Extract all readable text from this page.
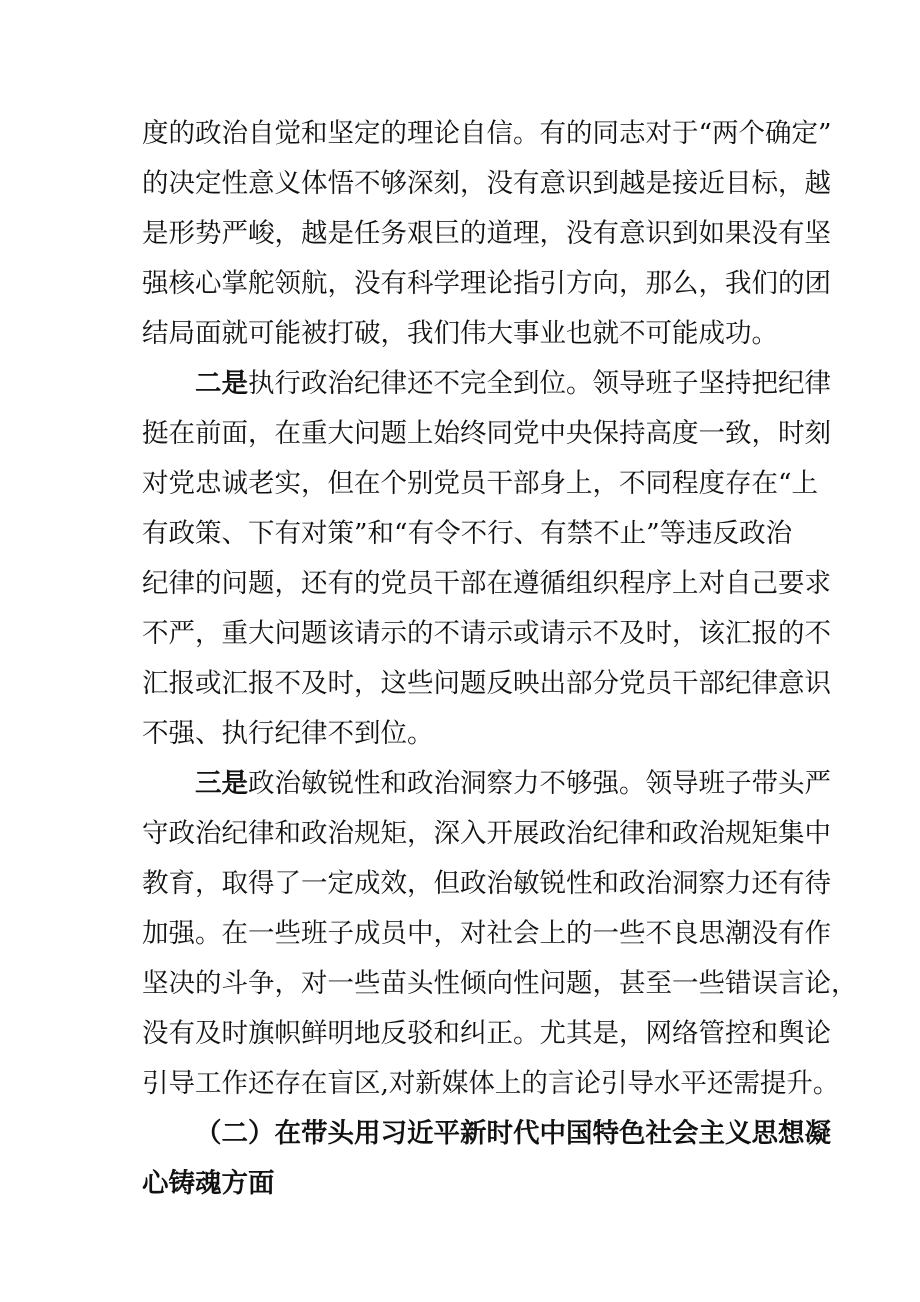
度的政治自觉和坚定的理论自信。有的同志对于“两个确定”
的决定性意义体悟不够深刻，没有意识到越是接近目标，越
是形势严峻，越是任务艰巨的道理，没有意识到如果没有坚
强核心掌舵领航，没有科学理论指引方向，那么，我们的团
结局面就可能被打破，我们伟大事业也就不可能成功。
二是执行政治纪律还不完全到位。领导班子坚持把纪律
挺在前面，在重大问题上始终同党中央保持高度一致，时刻
对党忠诚老实，但在个别党员干部身上，不同程度存在“上
有政策、下有对策”和“有令不行、有禁不止”等违反政治
纪律的问题，还有的党员干部在遵循组织程序上对自己要求
不严，重大问题该请示的不请示或请示不及时，该汇报的不
汇报或汇报不及时，这些问题反映出部分党员干部纪律意识
不强、执行纪律不到位。
三是政治敏锐性和政治洞察力不够强。领导班子带头严
守政治纪律和政治规矩，深入开展政治纪律和政治规矩集中
教育，取得了一定成效，但政治敏锐性和政治洞察力还有待
加强。在一些班子成员中，对社会上的一些不良思潮没有作
坚决的斗争，对一些苗头性倾向性问题，甚至一些错误言论，
没有及时旗帜鲜明地反驳和纠正。尤其是，网络管控和舆论
引导工作还存在盲区,对新媒体上的言论引导水平还需提升。
（二）在带头用习近平新时代中国特色社会主义思想凝
心铸魂方面
